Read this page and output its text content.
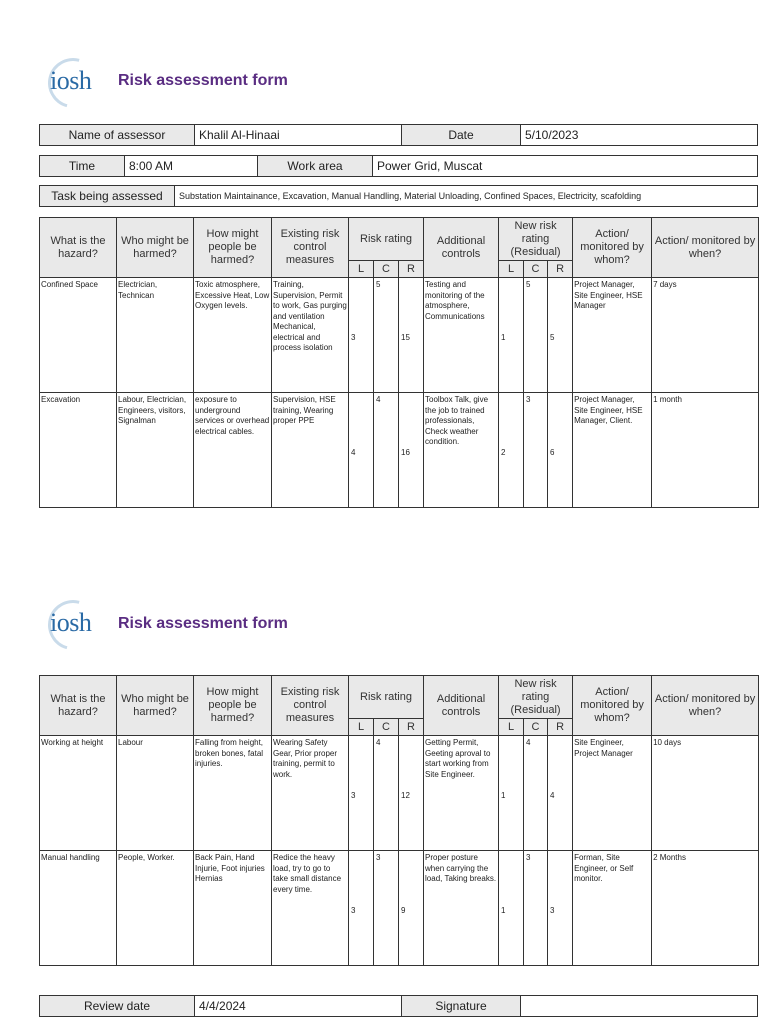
iosh Risk assessment form
Name of assessor	Khalil Al-Hinaai	Date	5/10/2023
Time	8:00 AM	Work area	Power Grid, Muscat
Task being assessed	Substation Maintainance, Excavation, Manual Handling, Material Unloading, Confined Spaces, Electricity, scafolding
What is the hazard?	Who might be harmed?	How might people be harmed?	Existing risk control measures	Risk rating			Additional controls	New risk rating (Residual)			Action/ monitored by whom?	Action/ monitored by when?
				L	C	R		L	C	R		
Confined Space	Electrician, Technican	Toxic atmosphere, Excessive Heat, Low Oxygen levels.	Training, Supervision, Permit to work, Gas purging and ventilation Mechanical, electrical and process isolation	3	5	15	Testing and monitoring of the atmosphere, Communications	1	5	5	Project Manager, Site Engineer, HSE Manager	7 days
Excavation	Labour, Electrician, Engineers, visitors, Signalman	exposure to underground services or overhead electrical cables.	Supervision, HSE training, Wearing proper PPE	4	4	16	Toolbox Talk, give the job to trained professionals, Check weather condition.	2	3	6	Project Manager, Site Engineer, HSE Manager, Client.	1 month
iosh Risk assessment form
What is the hazard?	Who might be harmed?	How might people be harmed?	Existing risk control measures	Risk rating			Additional controls	New risk rating (Residual)			Action/ monitored by whom?	Action/ monitored by when?
				L	C	R		L	C	R		
Working at height	Labour	Falling from height, broken bones, fatal injuries.	Wearing Safety Gear, Prior proper training, permit to work.	3	4	12	Getting Permit, Geeting aproval to start working from Site Engineer.	1	4	4	Site Engineer, Project Manager	10 days
Manual handling	People, Worker.	Back Pain, Hand Injurie, Foot injuries Hernias	Redice the heavy load, try to go to take small distance every time.	3	3	9	Proper posture when carrying the load, Taking breaks.	1	3	3	Forman, Site Engineer, or Self monitor.	2 Months
Review date	4/4/2024	Signature	
